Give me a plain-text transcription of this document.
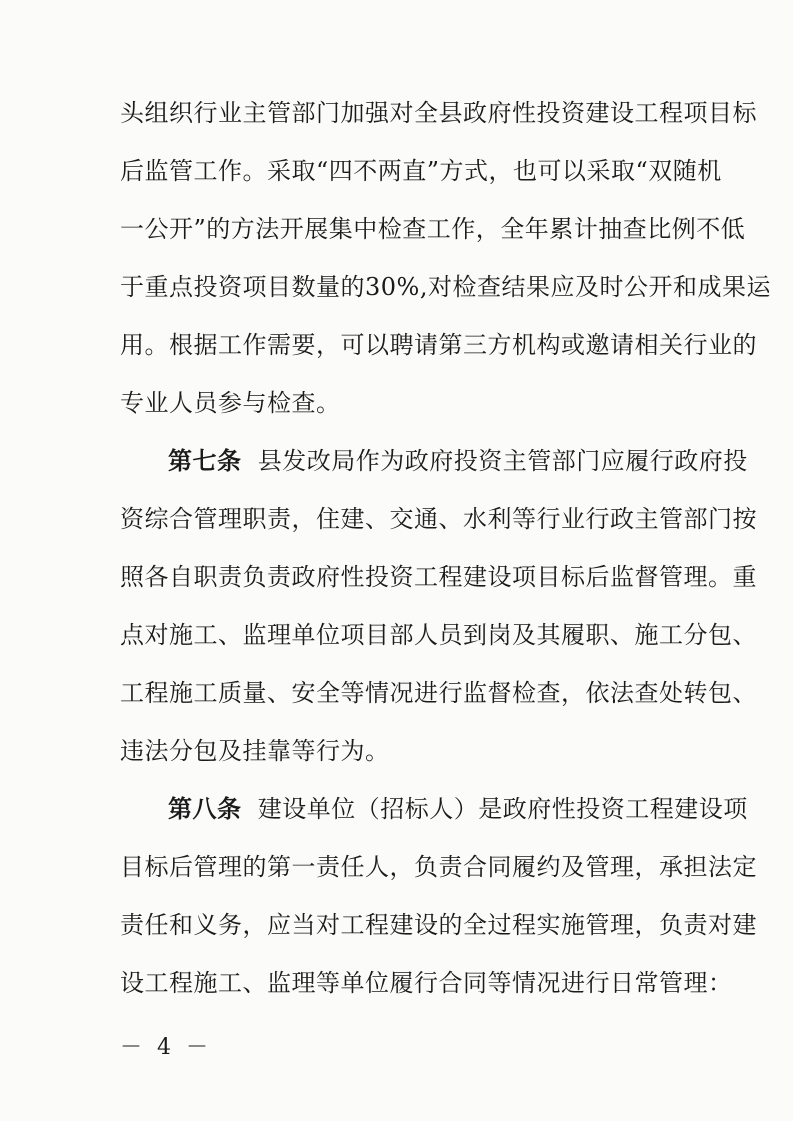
头组织行业主管部门加强对全县政府性投资建设工程项目标

后监管工作。采取“四不两直”方式，也可以采取“双随机

一公开”的方法开展集中检查工作，全年累计抽查比例不低

于重点投资项目数量的30%,对检查结果应及时公开和成果运

用。根据工作需要，可以聘请第三方机构或邀请相关行业的

专业人员参与检查。

第七条 县发改局作为政府投资主管部门应履行政府投

资综合管理职责，住建、交通、水利等行业行政主管部门按

照各自职责负责政府性投资工程建设项目标后监督管理。重

点对施工、监理单位项目部人员到岗及其履职、施工分包、

工程施工质量、安全等情况进行监督检查，依法查处转包、

违法分包及挂靠等行为。

第八条 建设单位（招标人）是政府性投资工程建设项

目标后管理的第一责任人，负责合同履约及管理，承担法定

责任和义务，应当对工程建设的全过程实施管理，负责对建

设工程施工、监理等单位履行合同等情况进行日常管理：

－ 4 －
